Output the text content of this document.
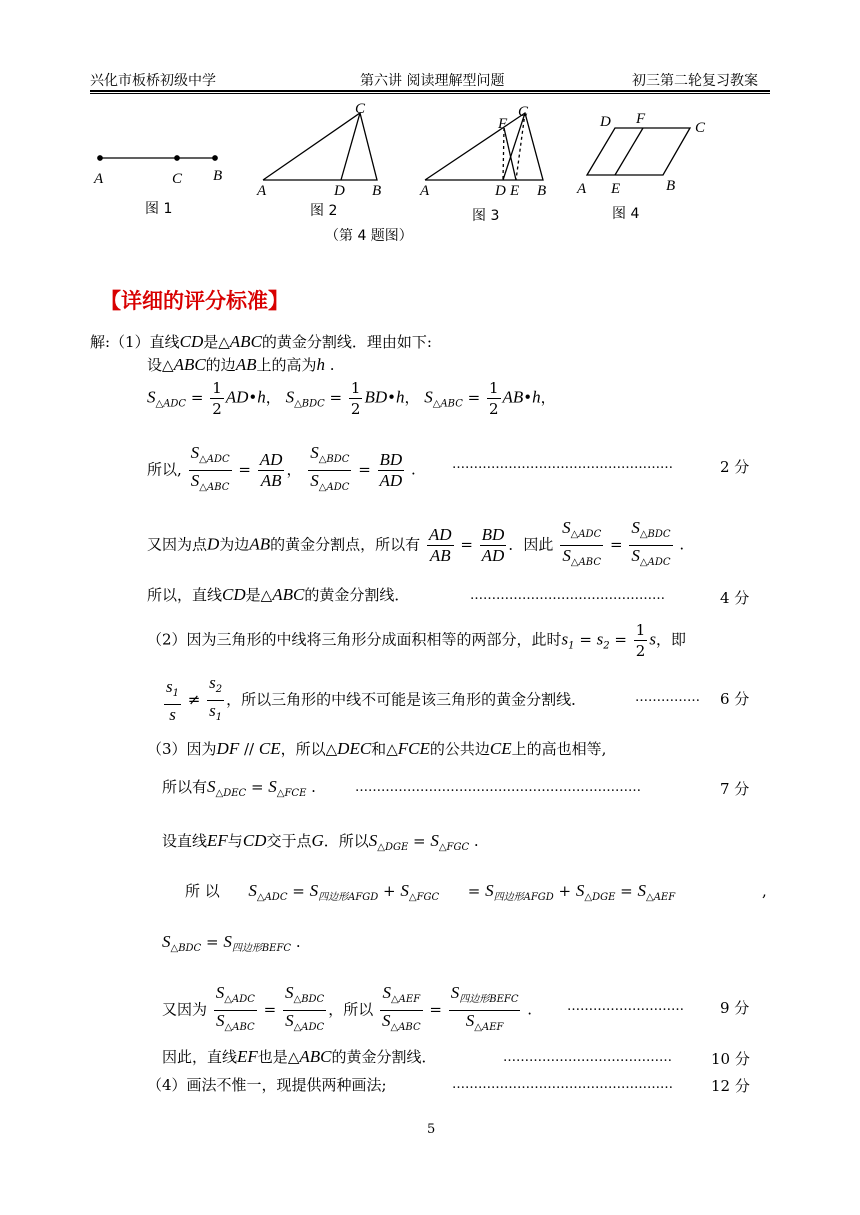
兴化市板桥初级中学	第六讲 阅读理解型问题	初三第二轮复习教案
A	C B
A	D B
C
A	D E B
F
C
A E	B
D F
C
图 1	图 2	图 3	图 4
（第 4 题图）
【详细的评分标准】
解:（1）直线CD是△ABC的黄金分割线．理由如下:
设△ABC的边AB上的高为h .
$S_{\triangle ADC} = \frac{1}{2}$ AD•h， $S_{\triangle BDC} = \frac{1}{2}$ BD•h， $S_{\triangle ABC} = \frac{1}{2}$ AB•h，
所以, $\frac{S_{\triangle ADC}}{S_{\triangle ABC}} = \frac{AD}{AB}$ ， $\frac{S_{\triangle BDC}}{S_{\triangle ADC}} = \frac{BD}{AD}$ .	……………………………………………	2 分
又因为点D为边AB的黄金分割点，所以有 $\frac{AD}{AB} = \frac{BD}{AD}$ ．因此 $\frac{S_{\triangle ADC}}{S_{\triangle ABC}} = \frac{S_{\triangle BDC}}{S_{\triangle ADC}}$ .
所以，直线CD是△ABC的黄金分割线．	………………………………………	4 分
（2）因为三角形的中线将三角形分成面积相等的两部分，此时$s_1 = s_2 = \frac{1}{2}$ s，即
$\frac{s_1}{s} \ne \frac{s_2}{s_1}$ ，所以三角形的中线不可能是该三角形的黄金分割线．	…………… 6 分
（3）因为DF // CE，所以△DEC和△FCE的公共边CE上的高也相等,
所以有$S_{\triangle DEC} = S_{\triangle FCE}$ .	…………………………………………………………	7 分
设直线EF与CD交于点G．所以$S_{\triangle DGE} = S_{\triangle FGC}$ .
所 以 $S_{\triangle ADC} = S_{四边形AFGD} + S_{\triangle FGC}$      = $S_{四边形AFGD} + S_{\triangle DGE} = S_{\triangle AEF}$	,
$S_{\triangle BDC} = S_{四边形BEFC}$ .
又因为 $\frac{S_{\triangle ADC}}{S_{\triangle ABC}} = \frac{S_{\triangle BDC}}{S_{\triangle ADC}}$ ，所以 $\frac{S_{\triangle AEF}}{S_{\triangle ABC}} = \frac{S_{四边形BEFC}}{S_{\triangle AEF}}$ .	……………………… 9 分
因此，直线EF也是△ABC的黄金分割线．	…………………………………	10 分
（4）画法不惟一，现提供两种画法;	……………………………………………	12 分
5
